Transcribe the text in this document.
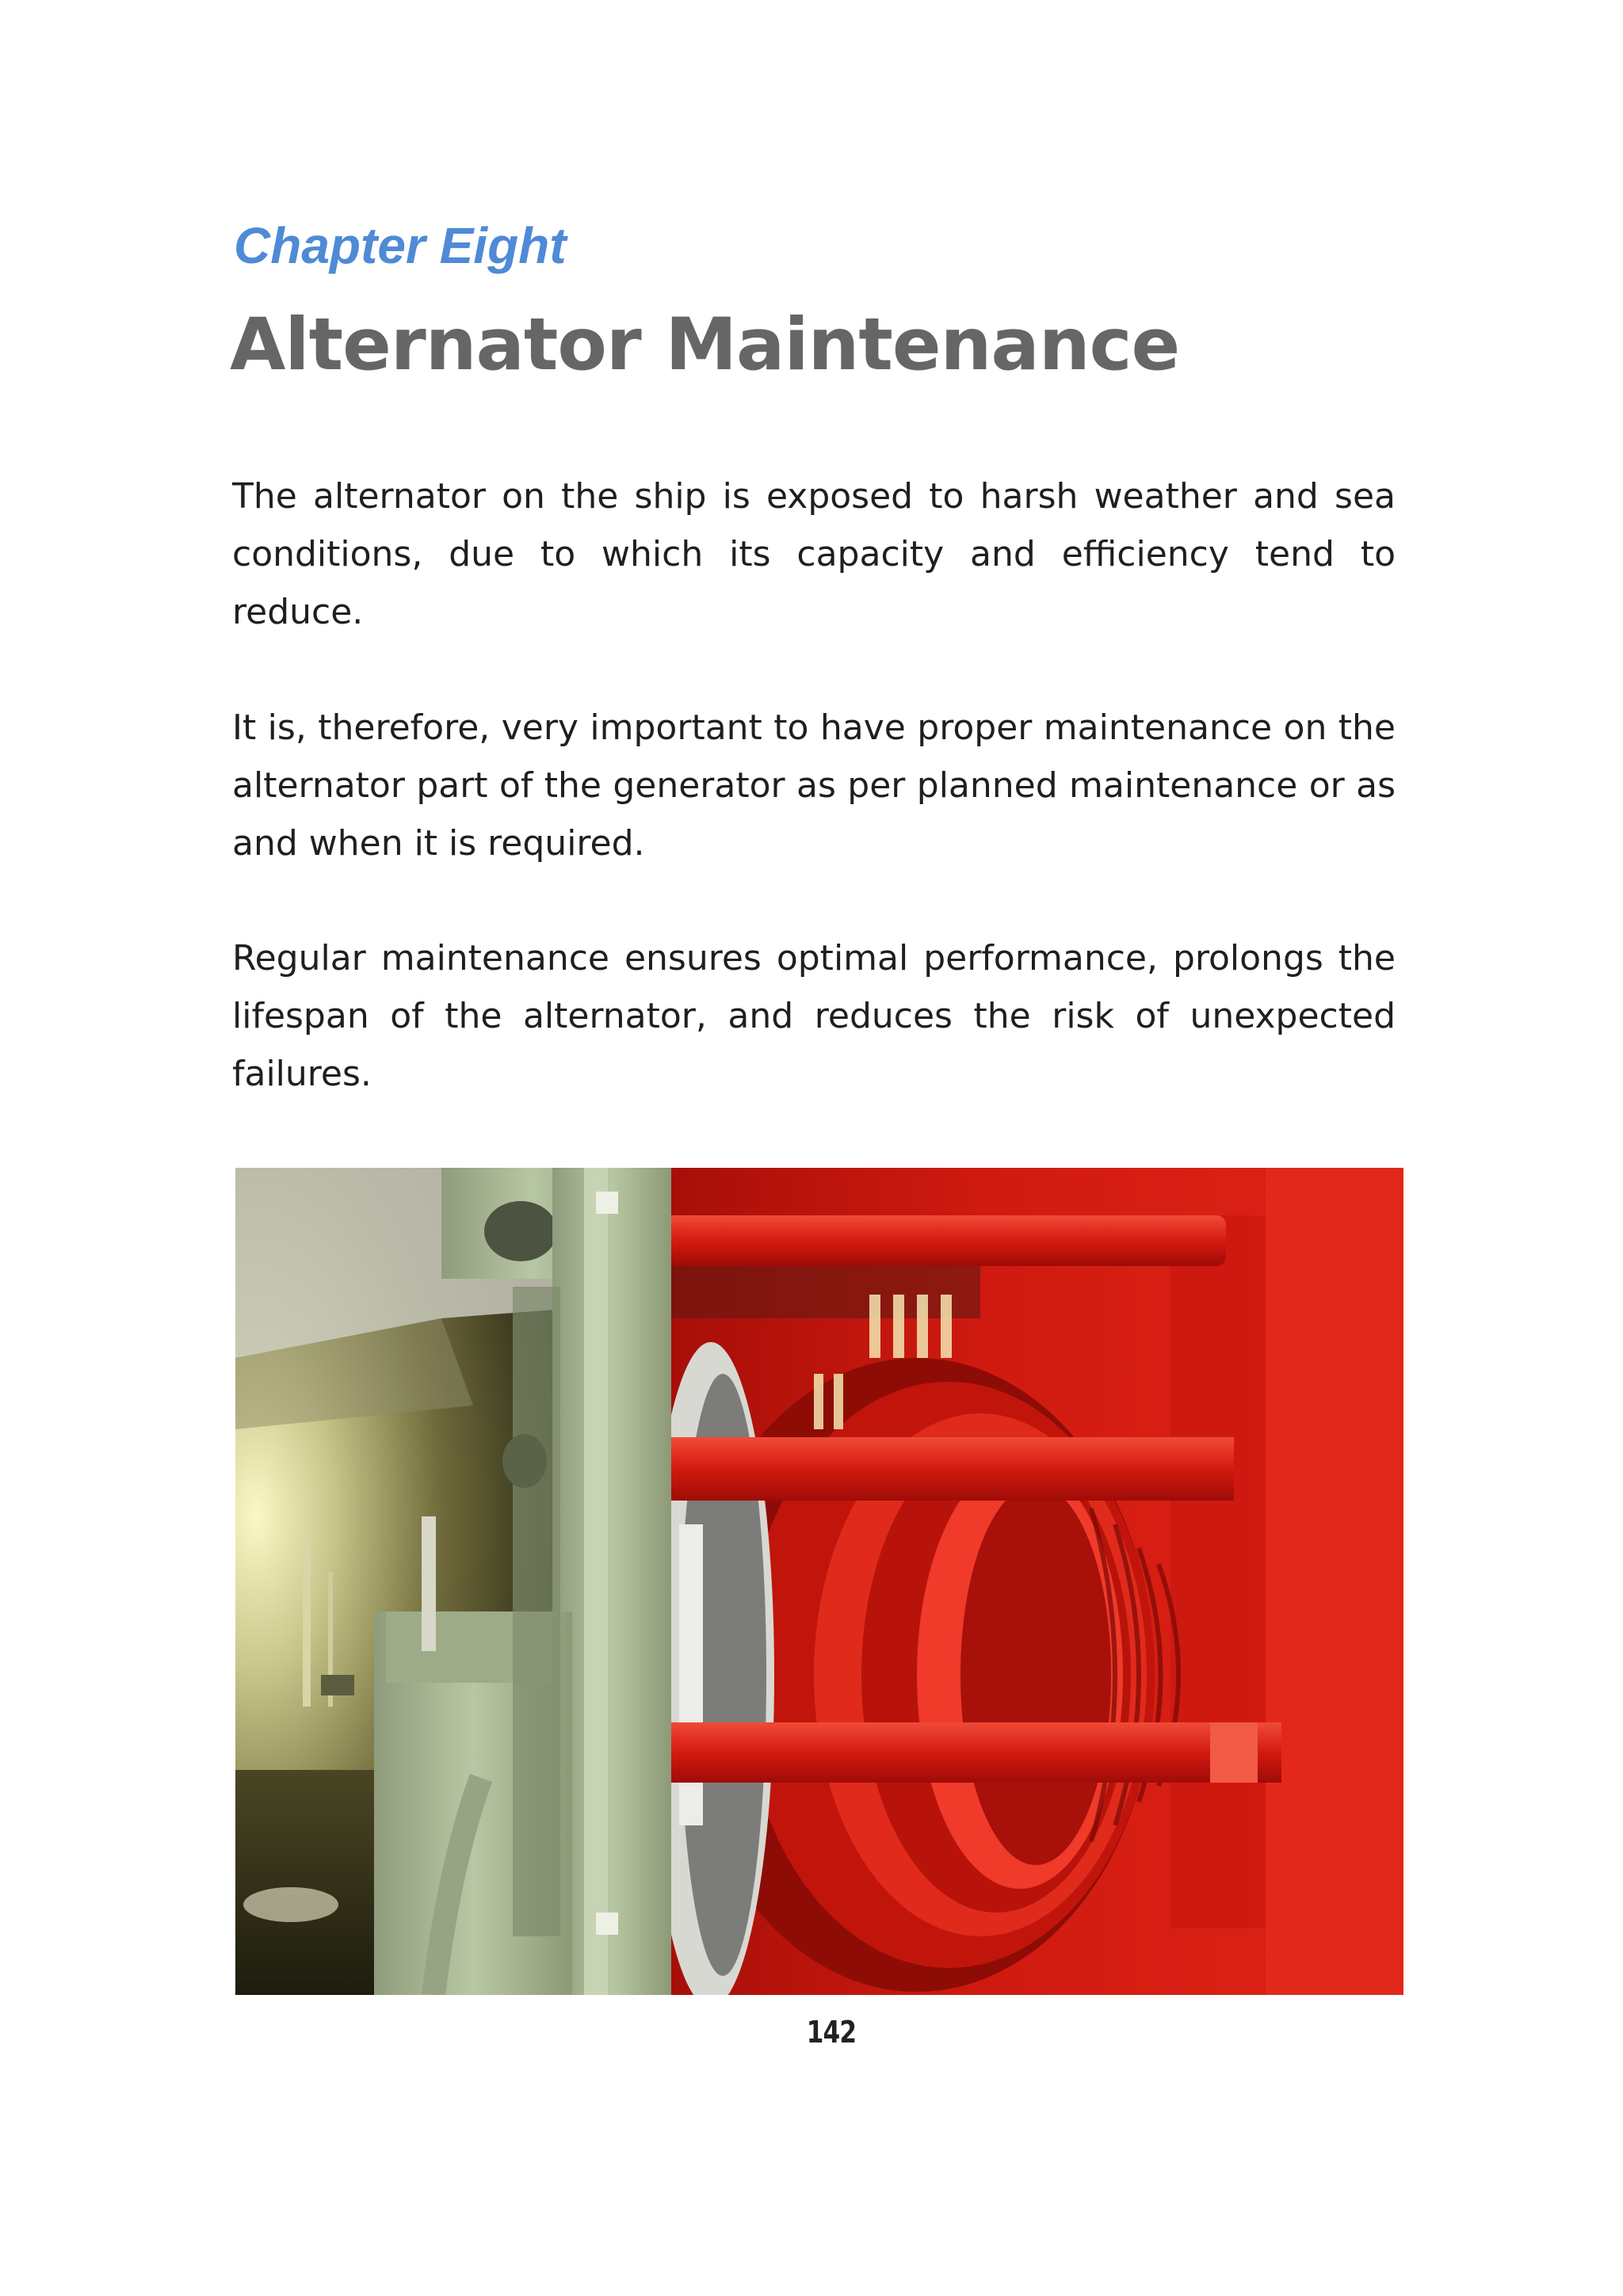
Chapter Eight

Alternator Maintenance

The alternator on the ship is exposed to harsh weather and sea conditions, due to which its capacity and efficiency tend to reduce.

It is, therefore, very important to have proper maintenance on the alternator part of the generator as per planned maintenance or as and when it is required.

Regular maintenance ensures optimal performance, prolongs the lifespan of the alternator, and reduces the risk of unexpected failures.

142
